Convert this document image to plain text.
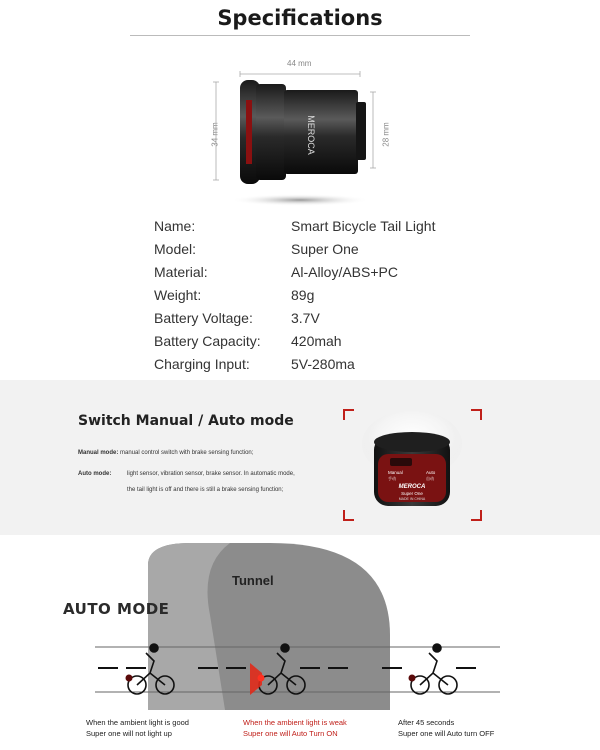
Specifications
44 mm
34 mm	28 mm
MEROCA
Name:	Smart Bicycle Tail Light
Model:	Super One
Material:	Al-Alloy/ABS+PC
Weight:	89g
Battery Voltage:	3.7V
Battery Capacity: 420mah
Charging Input:	5V-280ma
Switch Manual / Auto mode
Manual mode: manual control switch with brake sensing function;
Auto mode:	light sensor, vibration sensor, brake sensor. In automatic mode,
the tail light is off and there is still a brake sensing function;
Manual	Auto
手动	自动
MEROCA
Super One
MADE IN CHINA
Tunnel
AUTO MODE
When the ambient light is good
Super one will not light up
When the ambient light is weak
Super one will Auto Turn ON
After 45 seconds
Super one will Auto turn OFF
